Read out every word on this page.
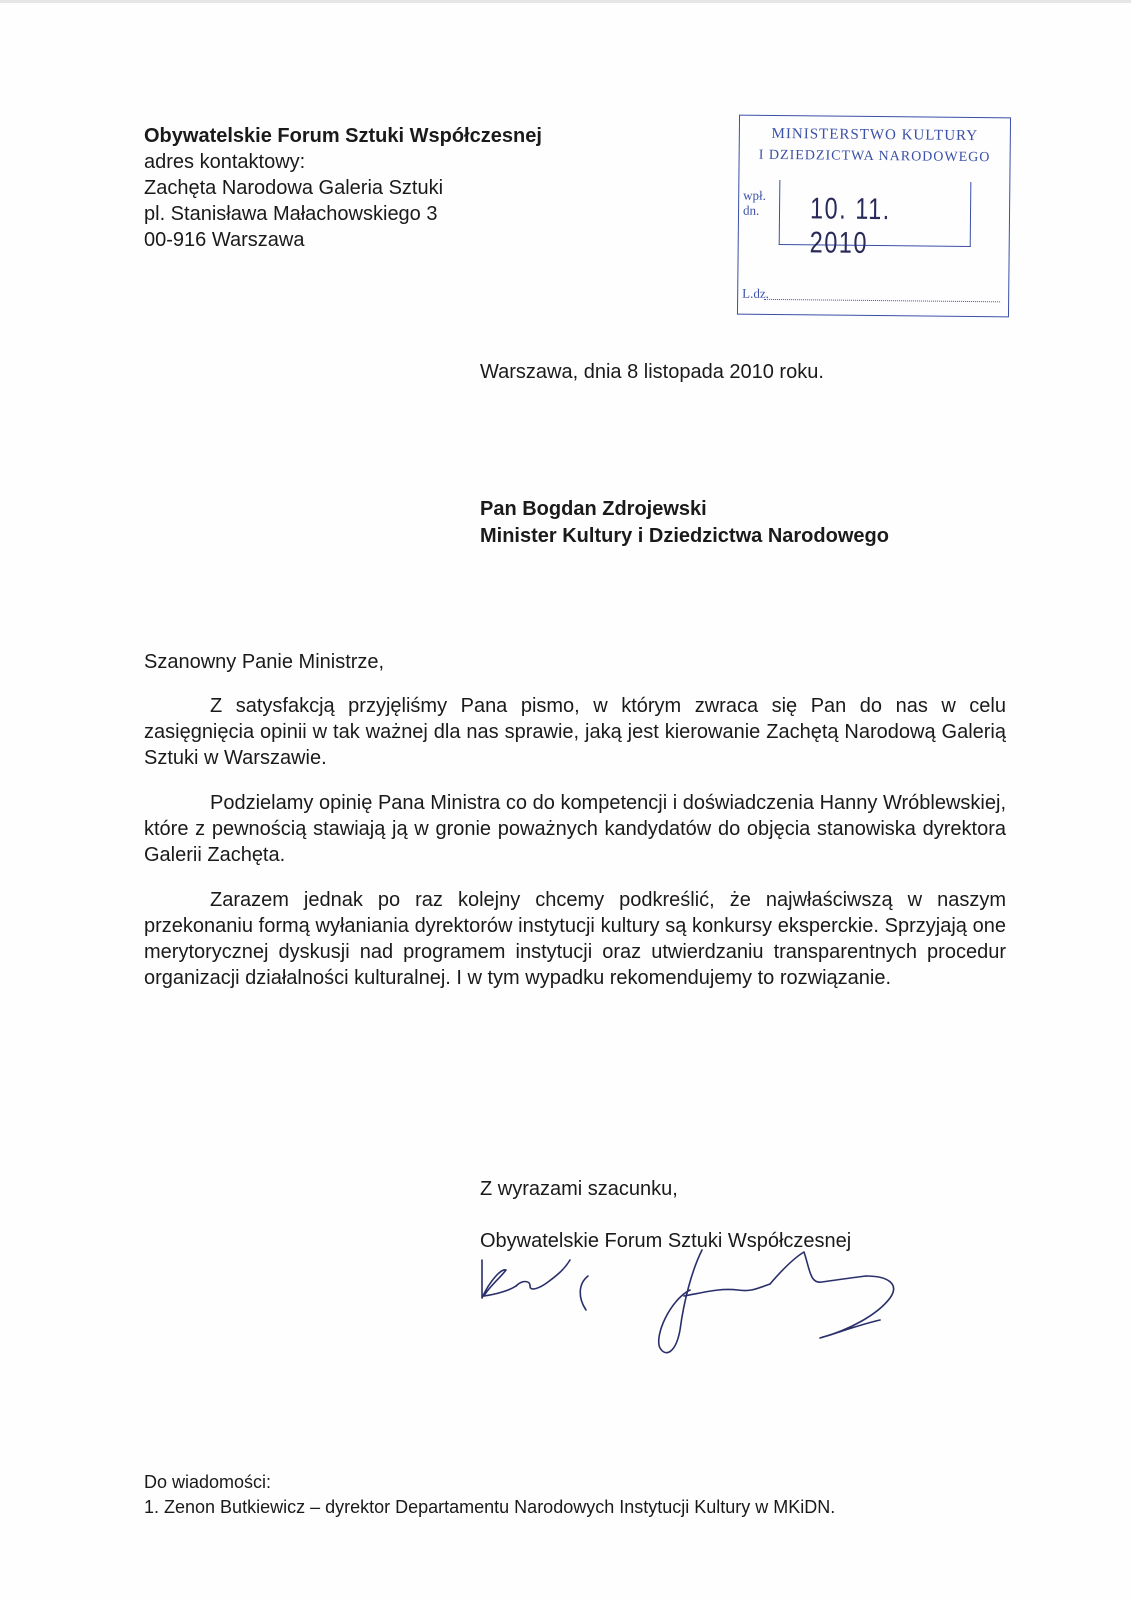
Obywatelskie Forum Sztuki Współczesnej
adres kontaktowy:
Zachęta Narodowa Galeria Sztuki
pl. Stanisława Małachowskiego 3
00-916 Warszawa
MINISTERSTWO KULTURY
I DZIEDZICTWA NARODOWEGO
wpł.
dn. 10. 11. 2010
L.dz.
Warszawa, dnia 8 listopada 2010 roku.
Pan Bogdan Zdrojewski
Minister Kultury i Dziedzictwa Narodowego
Szanowny Panie Ministrze,

Z satysfakcją przyjęliśmy Pana pismo, w którym zwraca się Pan do nas w celu zasięgnięcia opinii w tak ważnej dla nas sprawie, jaką jest kierowanie Zachętą Narodową Galerią Sztuki w Warszawie.

Podzielamy opinię Pana Ministra co do kompetencji i doświadczenia Hanny Wróblewskiej, które z pewnością stawiają ją w gronie poważnych kandydatów do objęcia stanowiska dyrektora Galerii Zachęta.

Zarazem jednak po raz kolejny chcemy podkreślić, że najwłaściwszą w naszym przekonaniu formą wyłaniania dyrektorów instytucji kultury są konkursy eksperckie. Sprzyjają one merytorycznej dyskusji nad programem instytucji oraz utwierdzaniu transparentnych procedur organizacji działalności kulturalnej. I w tym wypadku rekomendujemy to rozwiązanie.

Z wyrazami szacunku,
Obywatelskie Forum Sztuki Współczesnej
Do wiadomości:
1. Zenon Butkiewicz – dyrektor Departamentu Narodowych Instytucji Kultury w MKiDN.
